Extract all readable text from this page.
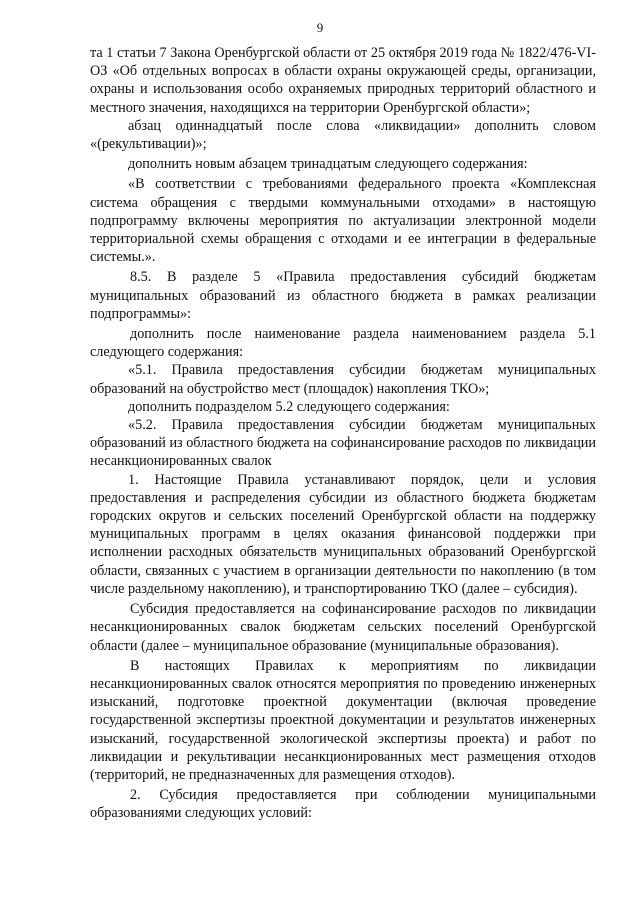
9

та 1 статьи 7 Закона Оренбургской области от 25 октября 2019 года № 1822/476-VI-ОЗ «Об отдельных вопросах в области охраны окружающей среды, организации, охраны и использования особо охраняемых природных территорий областного и местного значения, находящихся на территории Оренбургской области»;

абзац одиннадцатый после слова «ликвидации» дополнить словом «(рекультивации)»;

дополнить новым абзацем тринадцатым следующего содержания:

«В соответствии с требованиями федерального проекта «Комплексная система обращения с твердыми коммунальными отходами» в настоящую подпрограмму включены мероприятия по актуализации электронной модели территориальной схемы обращения с отходами и ее интеграции в федеральные системы.».

8.5. В разделе 5 «Правила предоставления субсидий бюджетам муниципальных образований из областного бюджета в рамках реализации подпрограммы»:

дополнить после наименование раздела наименованием раздела 5.1 следующего содержания:

«5.1. Правила предоставления субсидии бюджетам муниципальных образований на обустройство мест (площадок) накопления ТКО»;

дополнить подразделом 5.2 следующего содержания:

«5.2. Правила предоставления субсидии бюджетам муниципальных образований из областного бюджета на софинансирование расходов по ликвидации несанкционированных свалок

1. Настоящие Правила устанавливают порядок, цели и условия предоставления и распределения субсидии из областного бюджета бюджетам городских округов и сельских поселений Оренбургской области на поддержку муниципальных программ в целях оказания финансовой поддержки при исполнении расходных обязательств муниципальных образований Оренбургской области, связанных с участием в организации деятельности по накоплению (в том числе раздельному накоплению), и транспортированию ТКО (далее – субсидия).

Субсидия предоставляется на софинансирование расходов по ликвидации несанкционированных свалок бюджетам сельских поселений Оренбургской области (далее – муниципальное образование (муниципальные образования).

В настоящих Правилах к мероприятиям по ликвидации несанкционированных свалок относятся мероприятия по проведению инженерных изысканий, подготовке проектной документации (включая проведение государственной экспертизы проектной документации и результатов инженерных изысканий, государственной экологической экспертизы проекта) и работ по ликвидации и рекультивации несанкционированных мест размещения отходов (территорий, не предназначенных для размещения отходов).

2. Субсидия предоставляется при соблюдении муниципальными образованиями следующих условий:
